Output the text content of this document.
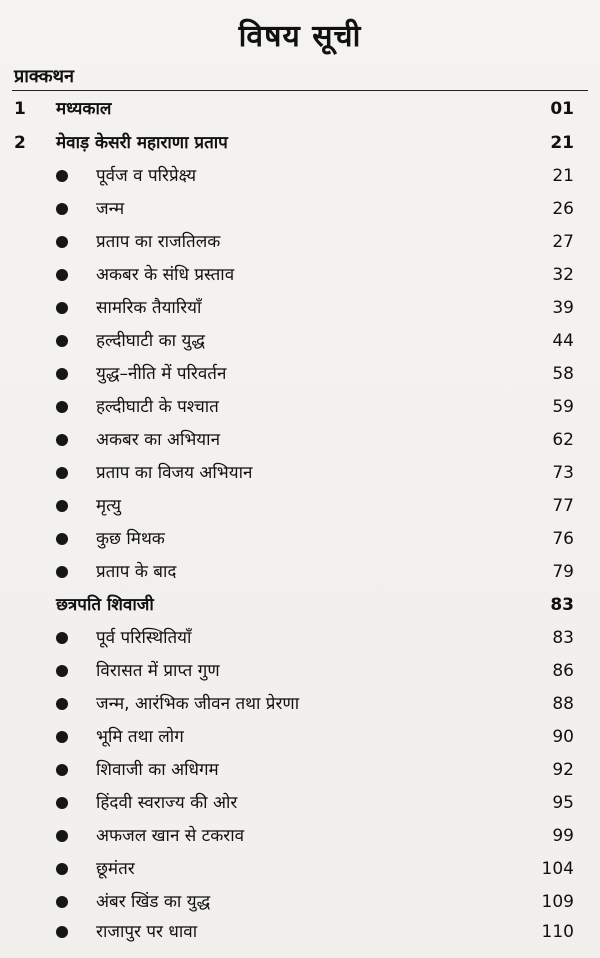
विषय सूची
प्राक्कथन
1 मध्यकाल	01
2 मेवाड़ केसरी महाराणा प्रताप	21
पूर्वज व परिप्रेक्ष्य	21
जन्म	26
प्रताप का राजतिलक	27
अकबर के संधि प्रस्ताव	32
सामरिक तैयारियाँ	39
हल्दीघाटी का युद्ध	44
युद्ध–नीति में परिवर्तन	58
हल्दीघाटी के पश्चात	59
अकबर का अभियान	62
प्रताप का विजय अभियान	73
मृत्यु	77
कुछ मिथक	76
प्रताप के बाद	79
छत्रपति शिवाजी	83
पूर्व परिस्थितियाँ	83
विरासत में प्राप्त गुण	86
जन्म, आरंभिक जीवन तथा प्रेरणा	88
भूमि तथा लोग	90
शिवाजी का अधिगम	92
हिंदवी स्वराज्य की ओर	95
अफजल खान से टकराव	99
छूमंतर	104
अंबर खिंड का युद्ध	109
राजापुर पर धावा	110
